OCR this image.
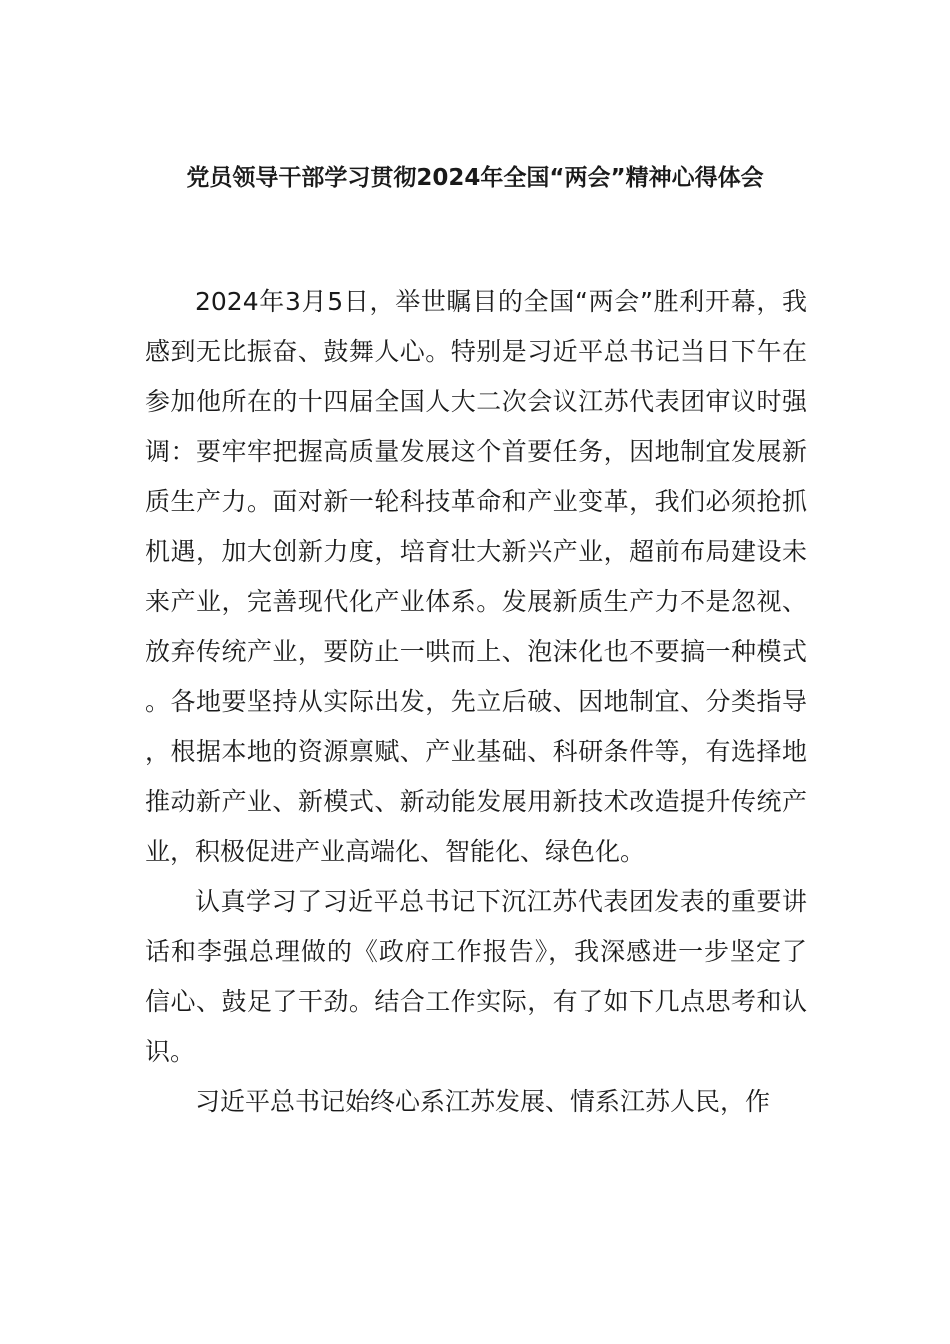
党员领导干部学习贯彻2024年全国“两会”精神心得体会

2024年3月5日，举世瞩目的全国“两会”胜利开幕，我感到无比振奋、鼓舞人心。特别是习近平总书记当日下午在参加他所在的十四届全国人大二次会议江苏代表团审议时强调：要牢牢把握高质量发展这个首要任务，因地制宜发展新质生产力。面对新一轮科技革命和产业变革，我们必须抢抓机遇，加大创新力度，培育壮大新兴产业，超前布局建设未来产业，完善现代化产业体系。发展新质生产力不是忽视、放弃传统产业，要防止一哄而上、泡沫化也不要搞一种模式。各地要坚持从实际出发，先立后破、因地制宜、分类指导，根据本地的资源禀赋、产业基础、科研条件等，有选择地推动新产业、新模式、新动能发展用新技术改造提升传统产业，积极促进产业高端化、智能化、绿色化。

认真学习了习近平总书记下沉江苏代表团发表的重要讲话和李强总理做的《政府工作报告》，我深感进一步坚定了信心、鼓足了干劲。结合工作实际，有了如下几点思考和认识。

习近平总书记始终心系江苏发展、情系江苏人民，作
